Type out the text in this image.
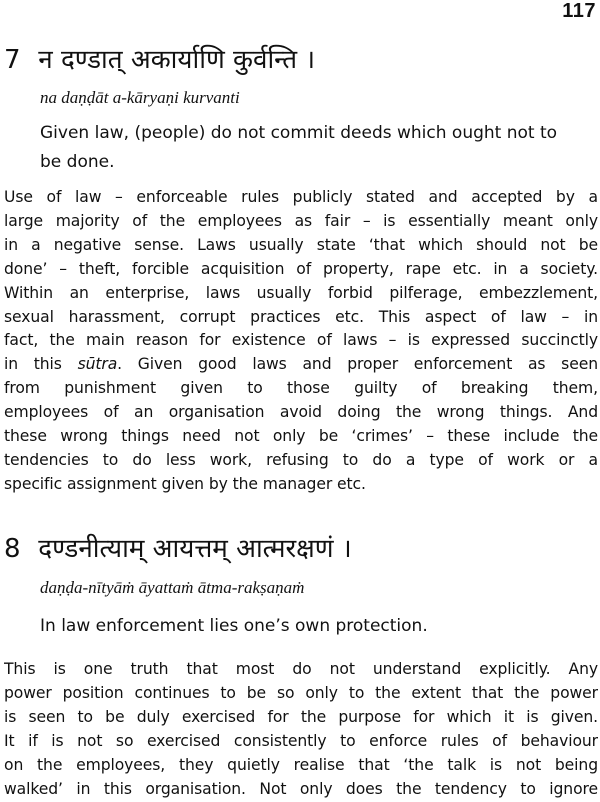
117
7 न दण्डात् अकार्याणि कुर्वन्ति ।
na daṇḍāt a-kāryaṇi kurvanti
Given law, (people) do not commit deeds which ought not to
be done.
Use of law – enforceable rules publicly stated and accepted by a
large majority of the employees as fair – is essentially meant only
in a negative sense. Laws usually state ‘that which should not be
done’ – theft, forcible acquisition of property, rape etc. in a society.
Within an enterprise, laws usually forbid pilferage, embezzlement,
sexual harassment, corrupt practices etc. This aspect of law – in
fact, the main reason for existence of laws – is expressed succinctly
in this sūtra. Given good laws and proper enforcement as seen
from punishment given to those guilty of breaking them,
employees of an organisation avoid doing the wrong things. And
these wrong things need not only be ‘crimes’ – these include the
tendencies to do less work, refusing to do a type of work or a
specific assignment given by the manager etc.
8 दण्डनीत्याम् आयत्तम् आत्मरक्षणं ।
daṇḍa-nītyāṁ āyattaṁ ātma-rakṣaṇaṁ
In law enforcement lies one’s own protection.
This is one truth that most do not understand explicitly. Any
power position continues to be so only to the extent that the power
is seen to be duly exercised for the purpose for which it is given.
It if is not so exercised consistently to enforce rules of behaviour
on the employees, they quietly realise that ‘the talk is not being
walked’ in this organisation. Not only does the tendency to ignore
